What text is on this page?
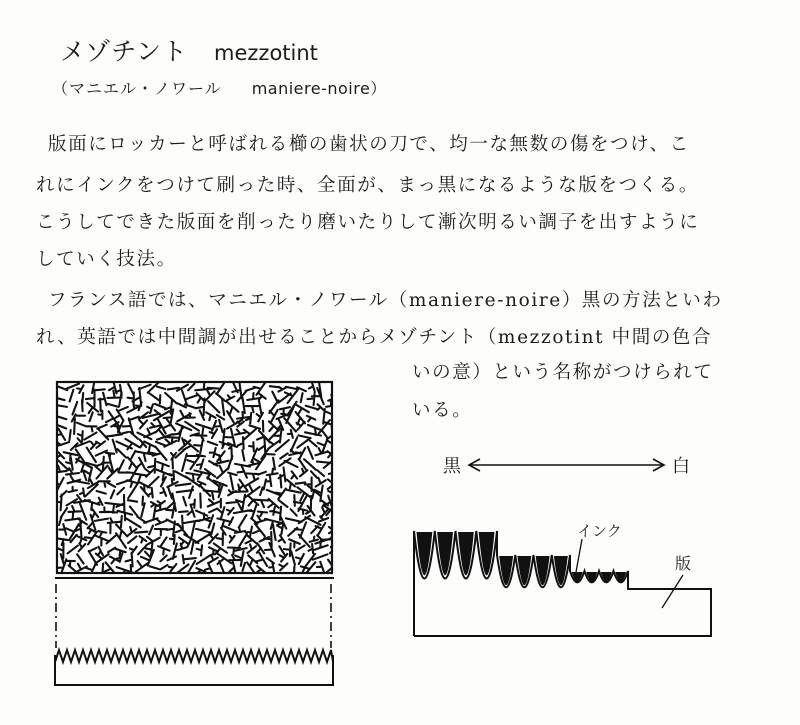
メゾチント mezzotint
（マニエル・ノワール maniere-noire）
版面にロッカーと呼ばれる櫛の歯状の刀で、均一な無数の傷をつけ、こ
れにインクをつけて刷った時、全面が、まっ黒になるような版をつくる。
こうしてできた版面を削ったり磨いたりして漸次明るい調子を出すように
していく技法。
フランス語では、マニエル・ノワール（maniere-noire）黒の方法といわ
れ、英語では中間調が出せることからメゾチント（mezzotint 中間の色合
いの意）という名称がつけられて
いる。
黒	白
インク
版
